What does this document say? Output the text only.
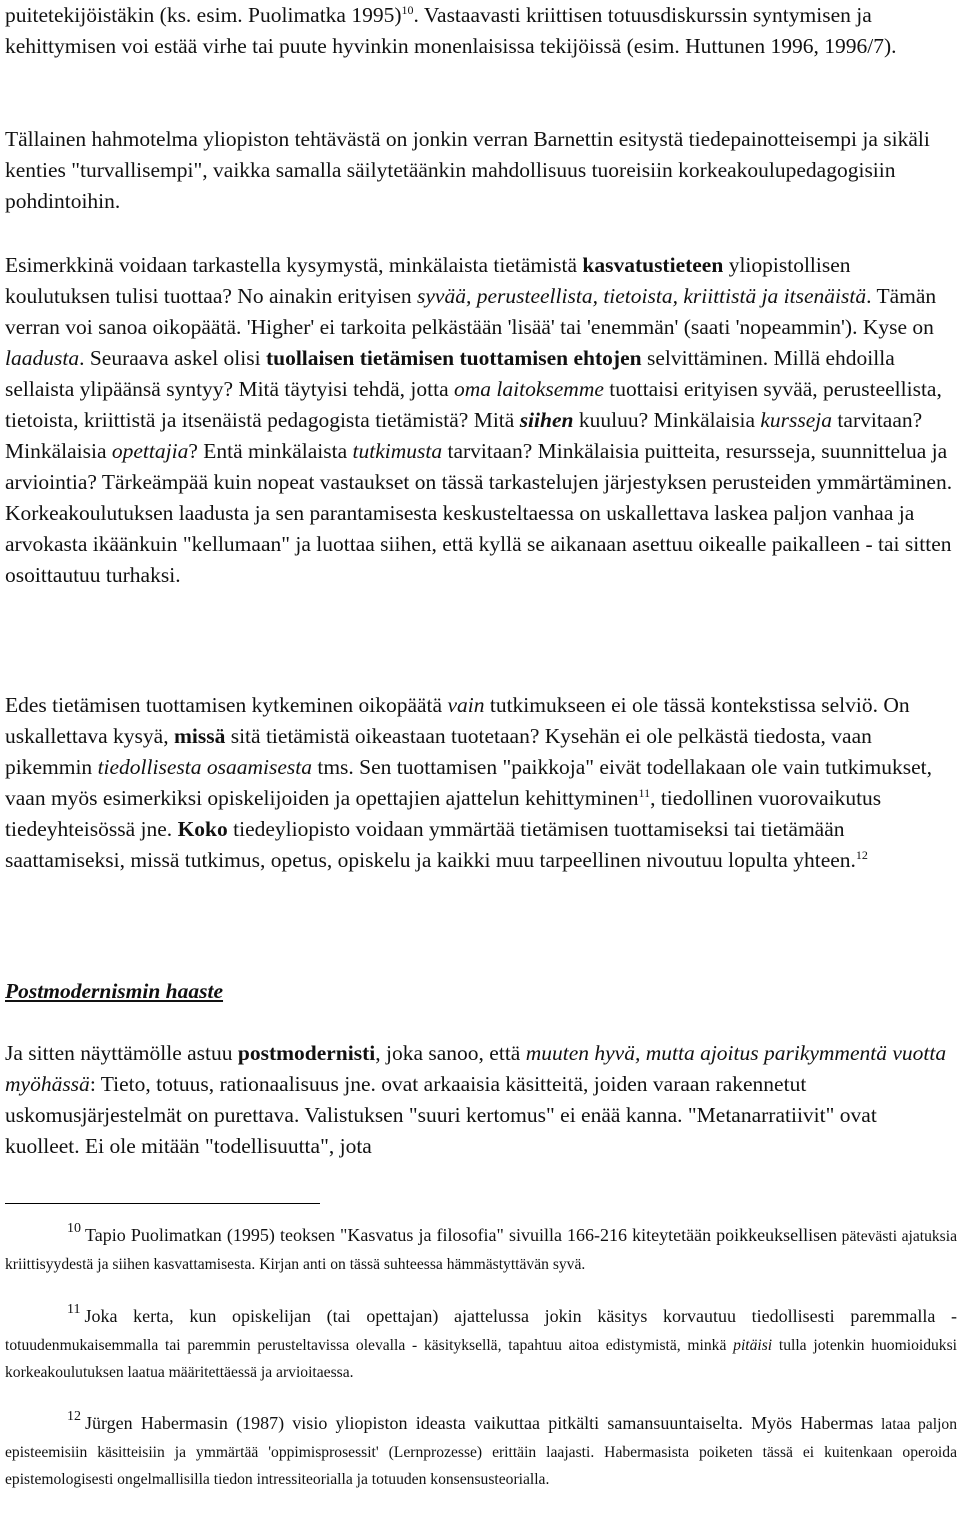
puitetekijöistäkin (ks. esim. Puolimatka 1995)$^{10}$. Vastaavasti kriittisen totuusdiskurssin syntymisen ja kehittymisen voi estää virhe tai puute hyvinkin monenlaisissa tekijöissä (esim. Huttunen 1996, 1996/7).

Tällainen hahmotelma yliopiston tehtävästä on jonkin verran Barnettin esitystä tiedepainotteisempi ja sikäli kenties "turvallisempi", vaikka samalla säilytetäänkin mahdollisuus tuoreisiin korkeakoulupedagogisiin pohdintoihin.

Esimerkkinä voidaan tarkastella kysymystä, minkälaista tietämistä kasvatustieteen yliopistollisen koulutuksen tulisi tuottaa? No ainakin erityisen syvää, perusteellista, tietoista, kriittistä ja itsenäistä. Tämän verran voi sanoa oikopäätä. 'Higher' ei tarkoita pelkästään 'lisää' tai 'enemmän' (saati 'nopeammin'). Kyse on laadusta. Seuraava askel olisi tuollaisen tietämisen tuottamisen ehtojen selvittäminen. Millä ehdoilla sellaista ylipäänsä syntyy? Mitä täytyisi tehdä, jotta oma laitoksemme tuottaisi erityisen syvää, perusteellista, tietoista, kriittistä ja itsenäistä pedagogista tietämistä? Mitä siihen kuuluu? Minkälaisia kursseja tarvitaan? Minkälaisia opettajia? Entä minkälaista tutkimusta tarvitaan? Minkälaisia puitteita, resursseja, suunnittelua ja arviointia? Tärkeämpää kuin nopeat vastaukset on tässä tarkastelujen järjestyksen perusteiden ymmärtäminen. Korkeakoulutuksen laadusta ja sen parantamisesta keskusteltaessa on uskallettava laskea paljon vanhaa ja arvokasta ikäänkuin "kellumaan" ja luottaa siihen, että kyllä se aikanaan asettuu oikealle paikalleen - tai sitten osoittautuu turhaksi.

Edes tietämisen tuottamisen kytkeminen oikopäätä vain tutkimukseen ei ole tässä kontekstissa selviö. On uskallettava kysyä, missä sitä tietämistä oikeastaan tuotetaan? Kysehän ei ole pelkästä tiedosta, vaan pikemmin tiedollisesta osaamisesta tms. Sen tuottamisen "paikkoja" eivät todellakaan ole vain tutkimukset, vaan myös esimerkiksi opiskelijoiden ja opettajien ajattelun kehittyminen$^{11}$, tiedollinen vuorovaikutus tiedeyhteisössä jne. Koko tiedeyliopisto voidaan ymmärtää tietämisen tuottamiseksi tai tietämään saattamiseksi, missä tutkimus, opetus, opiskelu ja kaikki muu tarpeellinen nivoutuu lopulta yhteen.$^{12}$

Postmodernismin haaste

Ja sitten näyttämölle astuu postmodernisti, joka sanoo, että muuten hyvä, mutta ajoitus parikymmentä vuotta myöhässä: Tieto, totuus, rationaalisuus jne. ovat arkaaisia käsitteitä, joiden varaan rakennetut uskomusjärjestelmät on purettava. Valistuksen "suuri kertomus" ei enää kanna. "Metanarratiivit" ovat kuolleet. Ei ole mitään "todellisuutta", jota

10 Tapio Puolimatkan (1995) teoksen "Kasvatus ja filosofia" sivuilla 166-216 kiteytetään poikkeuksellisen pätevästi ajatuksia kriittisyydestä ja siihen kasvattamisesta. Kirjan anti on tässä suhteessa hämmästyttävän syvä.
11 Joka kerta, kun opiskelijan (tai opettajan) ajattelussa jokin käsitys korvautuu tiedollisesti paremmalla - totuudenmukaisemmalla tai paremmin perusteltavissa olevalla - käsityksellä, tapahtuu aitoa edistymistä, minkä pitäisi tulla jotenkin huomioiduksi korkeakoulutuksen laatua määritettäessä ja arvioitaessa.
12 Jürgen Habermasin (1987) visio yliopiston ideasta vaikuttaa pitkälti samansuuntaiselta. Myös Habermas lataa paljon episteemisiin käsitteisiin ja ymmärtää 'oppimisprosessit' (Lernprozesse) erittäin laajasti. Habermasista poiketen tässä ei kuitenkaan operoida epistemologisesti ongelmallisilla tiedon intressiteorialla ja totuuden konsensusteorialla.
